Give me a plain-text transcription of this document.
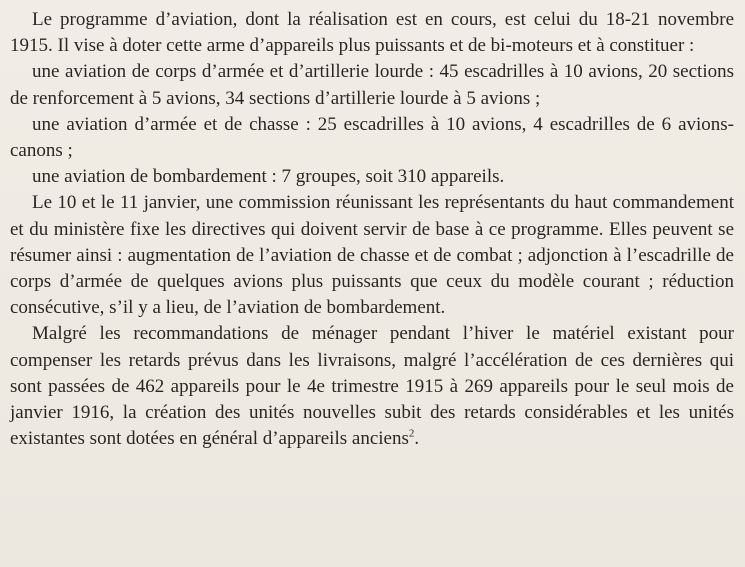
Le programme d’aviation, dont la réalisation est en cours, est celui du 18-21 novembre 1915. Il vise à doter cette arme d’appareils plus puissants et de bi-moteurs et à constituer :

une aviation de corps d’armée et d’artillerie lourde : 45 escadrilles à 10 avions, 20 sections de renforcement à 5 avions, 34 sections d’artillerie lourde à 5 avions ;

une aviation d’armée et de chasse : 25 escadrilles à 10 avions, 4 escadrilles de 6 avions-canons ;

une aviation de bombardement : 7 groupes, soit 310 appareils.

Le 10 et le 11 janvier, une commission réunissant les représentants du haut commandement et du ministère fixe les directives qui doivent servir de base à ce programme. Elles peuvent se résumer ainsi : augmentation de l’aviation de chasse et de combat ; adjonction à l’escadrille de corps d’armée de quelques avions plus puissants que ceux du modèle courant ; réduction consécutive, s’il y a lieu, de l’aviation de bombardement.

Malgré les recommandations de ménager pendant l’hiver le matériel existant pour compenser les retards prévus dans les livraisons, malgré l’accélération de ces dernières qui sont passées de 462 appareils pour le 4e trimestre 1915 à 269 appareils pour le seul mois de janvier 1916, la création des unités nouvelles subit des retards considérables et les unités existantes sont dotées en général d’appareils anciens$^2$.
